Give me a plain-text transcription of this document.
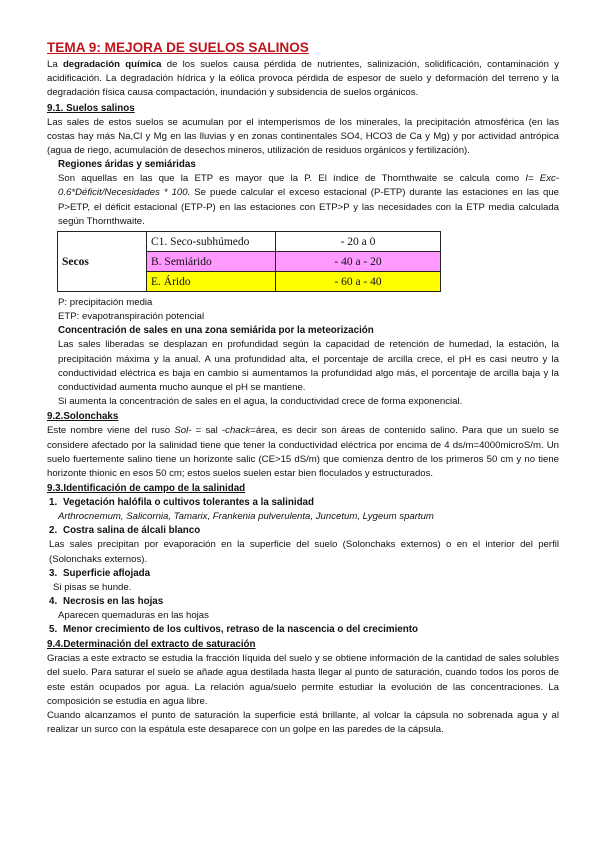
TEMA 9: MEJORA DE SUELOS SALINOS

La degradación química de los suelos causa pérdida de nutrientes, salinización, solidificación, contaminación y acidificación. La degradación hídrica y la eólica provoca pérdida de espesor de suelo y deformación del terreno y la degradación física causa compactación, inundación y subsidencia de suelos orgánicos.

9.1. Suelos salinos

Las sales de estos suelos se acumulan por el intemperismos de los minerales, la precipitación atmosférica (en las costas hay más Na,Cl y Mg en las lluvias y en zonas continentales SO4, HCO3 de Ca y Mg) y por actividad antrópica (agua de riego, acumulación de desechos mineros, utilización de residuos orgánicos y fertilización).

Regiones áridas y semiáridas

Son aquellas en las que la ETP es mayor que la P. El índice de Thornthwaite se calcula como I= Exc-0.6*Déficit/Necesidades * 100. Se puede calcular el exceso estacional (P-ETP) durante las estaciones en las que P>ETP, el déficit estacional (ETP-P) en las estaciones con ETP>P y las necesidades con la ETP media calculada según Thornthwaite.

Secos	C1. Seco-subhúmedo	- 20 a 0
	B. Semiárido	- 40 a - 20
	E. Árido	- 60 a - 40

P: precipitación media

ETP: evapotranspiración potencial

Concentración de sales en una zona semiárida por la meteorización

Las sales liberadas se desplazan en profundidad según la capacidad de retención de humedad, la estación, la precipitación máxima y la anual. A una profundidad alta, el porcentaje de arcilla crece, el pH es casi neutro y la conductividad eléctrica es baja en cambio si aumentamos la profundidad algo más, el porcentaje de arcilla baja y la conductividad aumenta mucho aunque el pH se mantiene.

Si aumenta la concentración de sales en el agua, la conductividad crece de forma exponencial.

9.2.Solonchaks

Este nombre viene del ruso Sol- = sal -chack=área, es decir son áreas de contenido salino. Para que un suelo se considere afectado por la salinidad tiene que tener la conductividad eléctrica por encima de 4 ds/m=4000microS/m. Un suelo fuertemente salino tiene un horizonte salic (CE>15 dS/m) que comienza dentro de los primeros 50 cm y no tiene horizonte thionic en esos 50 cm; estos suelos suelen estar bien floculados y estructurados.

9.3.Identificación de campo de la salinidad
1. Vegetación halófila o cultivos tolerantes a la salinidad

Arthrocnemum, Salicornia, Tamarix, Frankenia pulverulenta, Juncetum, Lygeum spartum

2. Costra salina de álcali blanco

Las sales precipitan por evaporación en la superficie del suelo (Solonchaks externos) o en el interior del perfil (Solonchaks externos).

3. Superficie aflojada

Si pisas se hunde.

4. Necrosis en las hojas

Aparecen quemaduras en las hojas

5. Menor crecimiento de los cultivos, retraso de la nascencia o del crecimiento
9.4.Determinación del extracto de saturación

Gracias a este extracto se estudia la fracción líquida del suelo y se obtiene información de la cantidad de sales solubles del suelo. Para saturar el suelo se añade agua destilada hasta llegar al punto de saturación, cuando todos los poros de este están ocupados por agua. La relación agua/suelo permite estudiar la evolución de las concentraciones. La composición se estudia en agua libre.

Cuando alcanzamos el punto de saturación la superficie está brillante, al volcar la cápsula no sobrenada agua y al realizar un surco con la espátula este desaparece con un golpe en las paredes de la cápsula.
